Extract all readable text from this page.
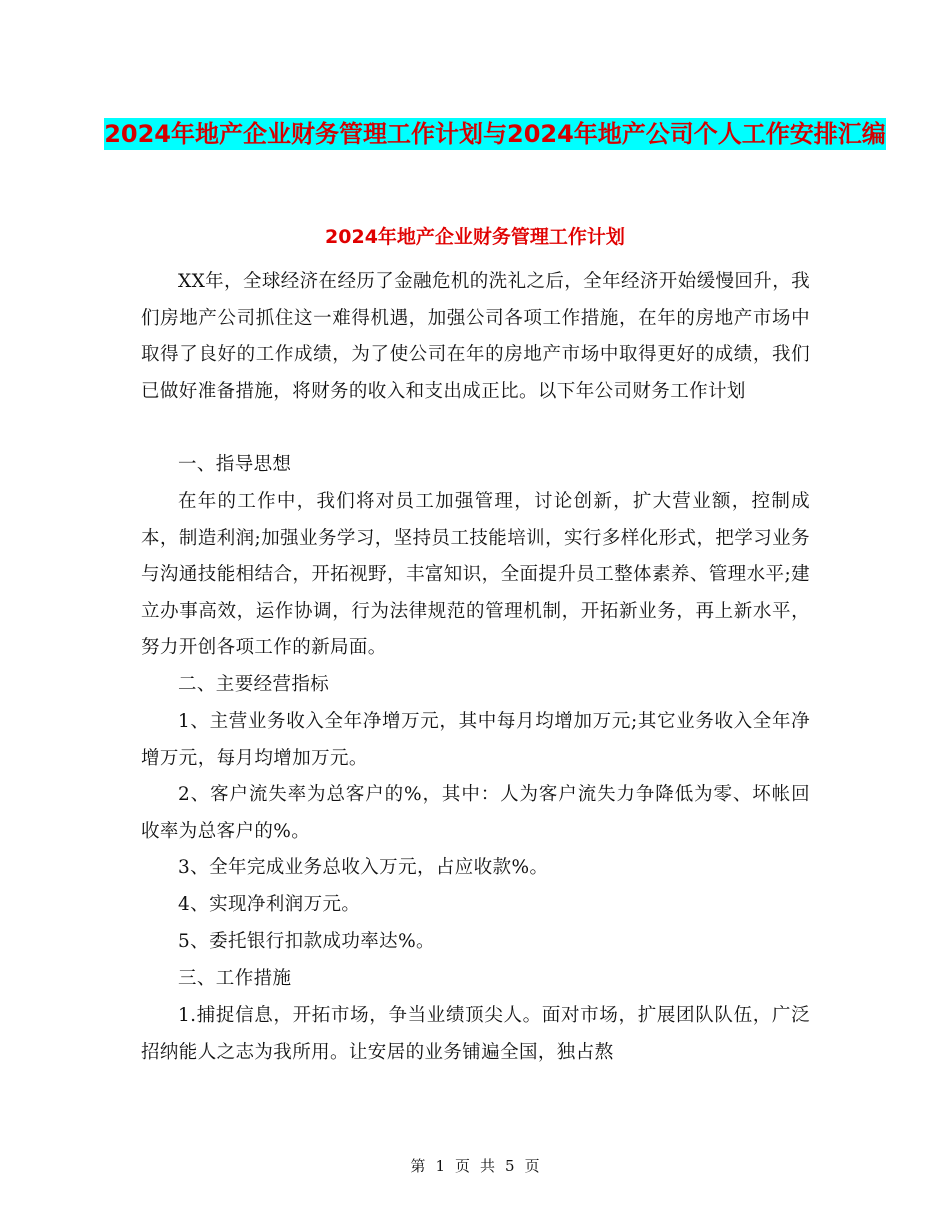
2024年地产企业财务管理工作计划与2024年地产公司个人工作安排汇编
2024年地产企业财务管理工作计划

XX年，全球经济在经历了金融危机的洗礼之后，全年经济开始缓慢回升，我们房地产公司抓住这一难得机遇，加强公司各项工作措施，在年的房地产市场中取得了良好的工作成绩，为了使公司在年的房地产市场中取得更好的成绩，我们已做好准备措施，将财务的收入和支出成正比。以下年公司财务工作计划

一、指导思想

在年的工作中，我们将对员工加强管理，讨论创新，扩大营业额，控制成本，制造利润;加强业务学习，坚持员工技能培训，实行多样化形式，把学习业务与沟通技能相结合，开拓视野，丰富知识，全面提升员工整体素养、管理水平;建立办事高效，运作协调，行为法律规范的管理机制，开拓新业务，再上新水平，努力开创各项工作的新局面。

二、主要经营指标

1、主营业务收入全年净增万元，其中每月均增加万元;其它业务收入全年净增万元，每月均增加万元。

2、客户流失率为总客户的%，其中：人为客户流失力争降低为零、坏帐回收率为总客户的%。

3、全年完成业务总收入万元，占应收款%。

4、实现净利润万元。

5、委托银行扣款成功率达%。

三、工作措施

1.捕捉信息，开拓市场，争当业绩顶尖人。面对市场，扩展团队队伍，广泛招纳能人之志为我所用。让安居的业务铺遍全国，独占熬

第 1 页 共 5 页
